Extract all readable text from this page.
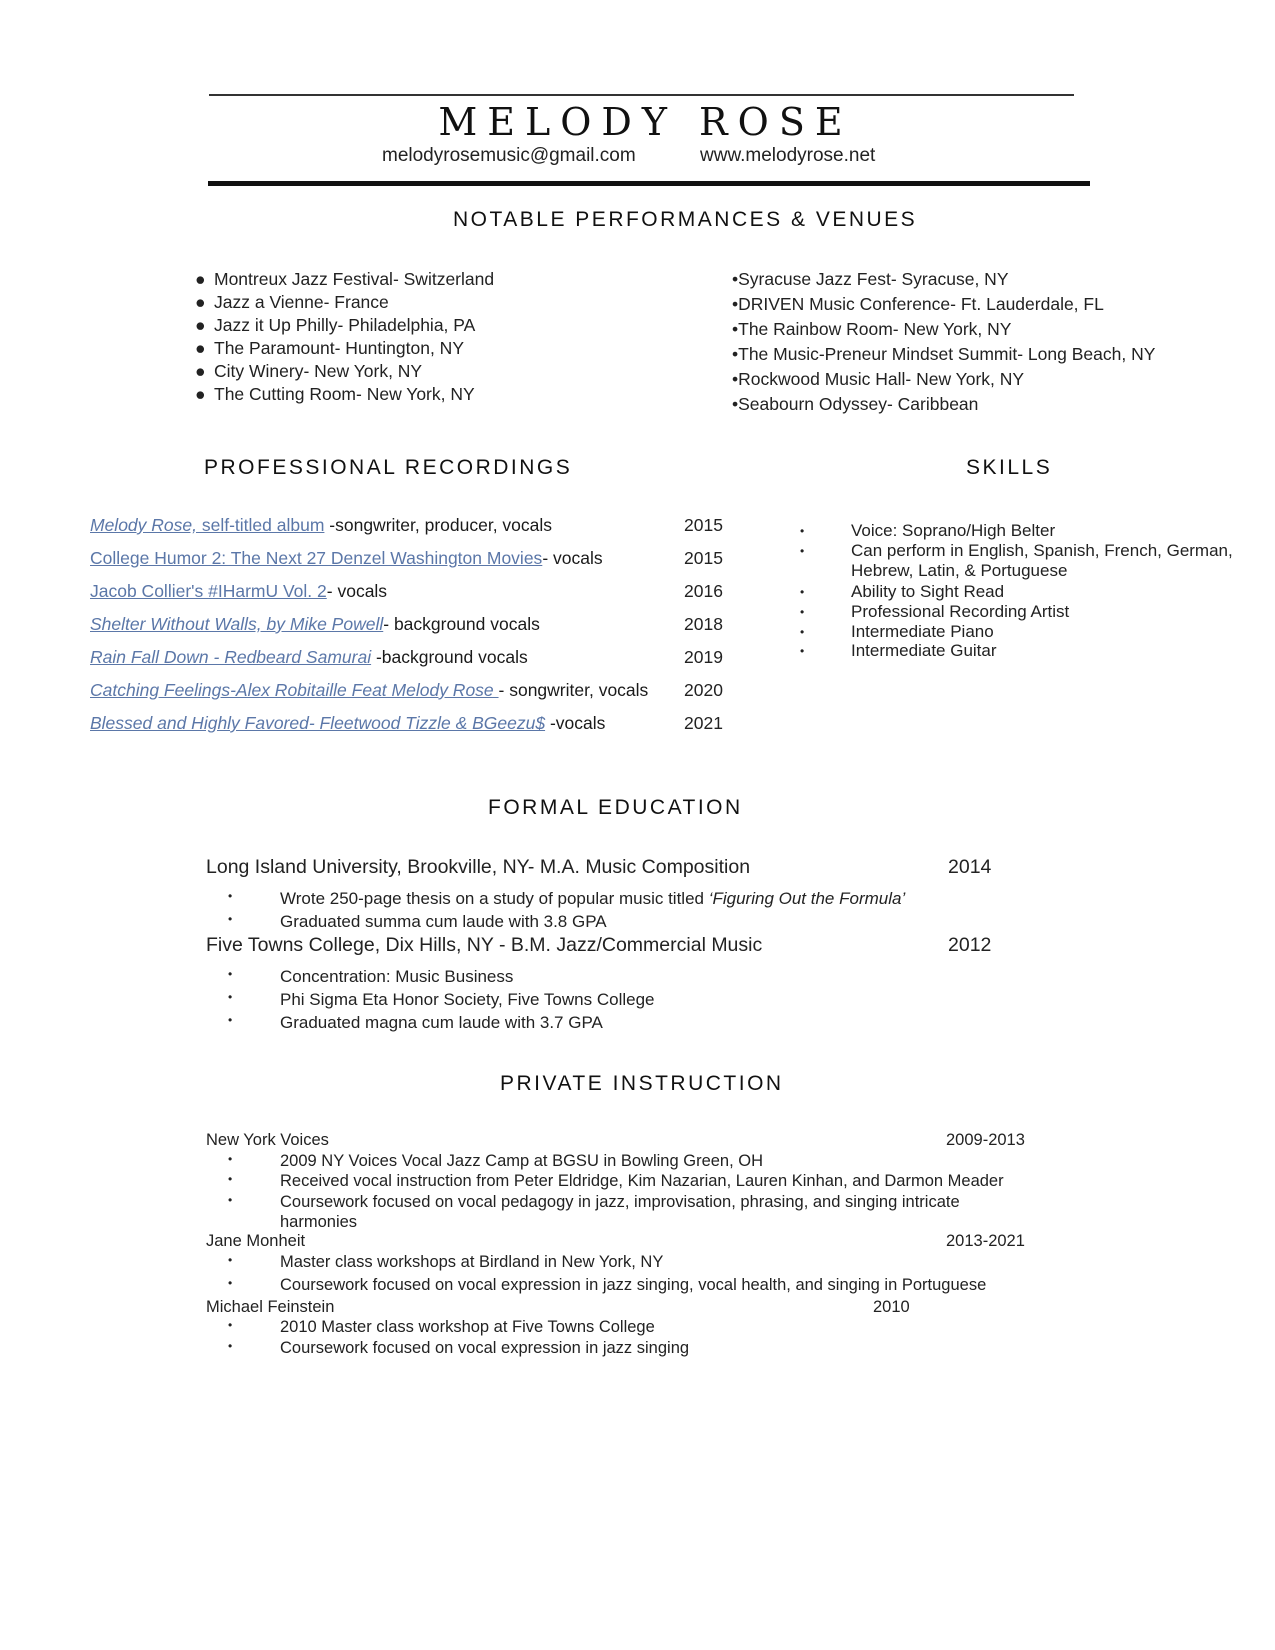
MELODY ROSE
melodyrosemusic@gmail.com	www.melodyrose.net
NOTABLE PERFORMANCES & VENUES
● Montreux Jazz Festival- Switzerland
● Jazz a Vienne- France
● Jazz it Up Philly- Philadelphia, PA
● The Paramount- Huntington, NY
● City Winery- New York, NY
● The Cutting Room- New York, NY
•Syracuse Jazz Fest- Syracuse, NY
•DRIVEN Music Conference- Ft. Lauderdale, FL
•The Rainbow Room- New York, NY
•The Music-Preneur Mindset Summit- Long Beach, NY
•Rockwood Music Hall- New York, NY
•Seabourn Odyssey- Caribbean
PROFESSIONAL RECORDINGS
Melody Rose, self-titled album -songwriter, producer, vocals	2015
College Humor 2: The Next 27 Denzel Washington Movies- vocals	2015
Jacob Collier's #IHarmU Vol. 2- vocals	2016
Shelter Without Walls, by Mike Powell- background vocals	2018
Rain Fall Down - Redbeard Samurai -background vocals	2019
Catching Feelings-Alex Robitaille Feat Melody Rose - songwriter, vocals 2020
Blessed and Highly Favored- Fleetwood Tizzle & BGeezu$ -vocals	2021
SKILLS
•	Voice: Soprano/High Belter
•	Can perform in English, Spanish, French, German,
Hebrew, Latin, & Portuguese
•	Ability to Sight Read
•	Professional Recording Artist
•	Intermediate Piano
•	Intermediate Guitar
FORMAL EDUCATION
Long Island University, Brookville, NY- M.A. Music Composition	2014
•	Wrote 250-page thesis on a study of popular music titled ‘Figuring Out the Formula’
•	Graduated summa cum laude with 3.8 GPA
Five Towns College, Dix Hills, NY - B.M. Jazz/Commercial Music	2012
•	Concentration: Music Business
•	Phi Sigma Eta Honor Society, Five Towns College
•	Graduated magna cum laude with 3.7 GPA
PRIVATE INSTRUCTION
New York Voices	2009-2013
•	2009 NY Voices Vocal Jazz Camp at BGSU in Bowling Green, OH
•	Received vocal instruction from Peter Eldridge, Kim Nazarian, Lauren Kinhan, and Darmon Meader
•	Coursework focused on vocal pedagogy in jazz, improvisation, phrasing, and singing intricate
harmonies
Jane Monheit	2013-2021
•	Master class workshops at Birdland in New York, NY
•	Coursework focused on vocal expression in jazz singing, vocal health, and singing in Portuguese
Michael Feinstein	2010
•	2010 Master class workshop at Five Towns College
•	Coursework focused on vocal expression in jazz singing
